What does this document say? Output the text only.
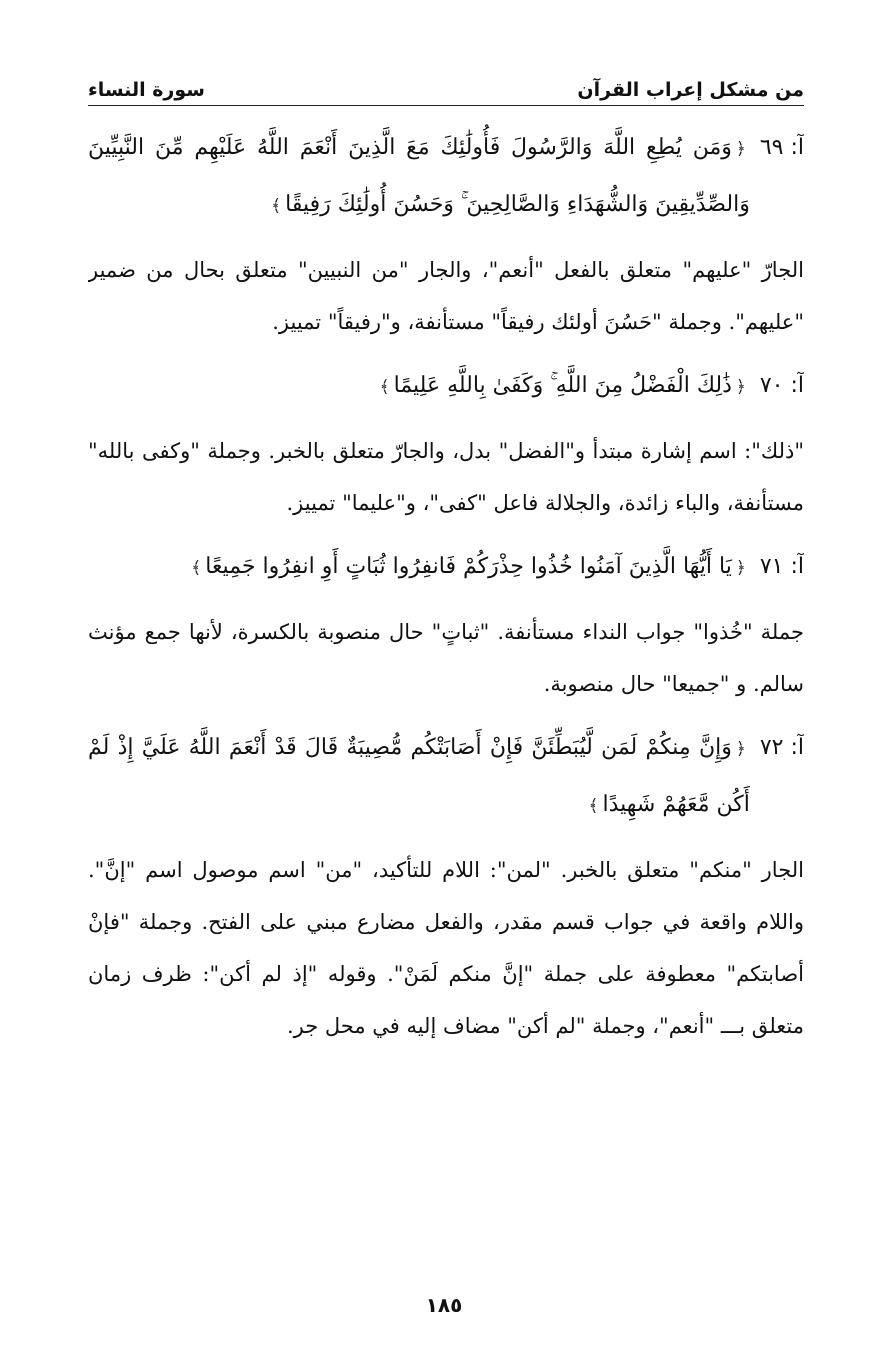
من مشكل إعراب القرآن
سورة النساء
آ: ٦٩
﴿وَمَن يُطِعِ اللَّهَ وَالرَّسُولَ فَأُولَٰئِكَ مَعَ الَّذِينَ أَنْعَمَ اللَّهُ عَلَيْهِم مِّنَ النَّبِيِّينَ وَالصِّدِّيقِينَ وَالشُّهَدَاءِ وَالصَّالِحِينَ ۚ وَحَسُنَ أُولَٰئِكَ رَفِيقًا﴾

الجارّ "عليهم" متعلق بالفعل "أنعم"، والجار "من النبيين" متعلق بحال من ضمير "عليهم". وجملة "حَسُنَ أولئك رفيقاً" مستأنفة، و"رفيقاً" تمييز.

آ: ٧٠
﴿ذَٰلِكَ الْفَضْلُ مِنَ اللَّهِ ۚ وَكَفَىٰ بِاللَّهِ عَلِيمًا﴾

"ذلك": اسم إشارة مبتدأ و"الفضل" بدل، والجارّ متعلق بالخبر. وجملة "وكفى بالله" مستأنفة، والباء زائدة، والجلالة فاعل "كفى"، و"عليما" تمييز.

آ: ٧١
﴿يَا أَيُّهَا الَّذِينَ آمَنُوا خُذُوا حِذْرَكُمْ فَانفِرُوا ثُبَاتٍ أَوِ انفِرُوا جَمِيعًا﴾

جملة "خُذوا" جواب النداء مستأنفة. "ثباتٍ" حال منصوبة بالكسرة، لأنها جمع مؤنث سالم. و "جميعا" حال منصوبة.

آ: ٧٢
﴿وَإِنَّ مِنكُمْ لَمَن لَّيُبَطِّئَنَّ فَإِنْ أَصَابَتْكُم مُّصِيبَةٌ قَالَ قَدْ أَنْعَمَ اللَّهُ عَلَيَّ إِذْ لَمْ أَكُن مَّعَهُمْ شَهِيدًا﴾

الجار "منكم" متعلق بالخبر. "لمن": اللام للتأكيد، "من" اسم موصول اسم "إنَّ". واللام واقعة في جواب قسم مقدر، والفعل مضارع مبني على الفتح. وجملة "فإنْ أصابتكم" معطوفة على جملة "إنَّ منكم لَمَنْ". وقوله "إذ لم أكن": ظرف زمان متعلق بـــ "أنعم"، وجملة "لم أكن" مضاف إليه في محل جر.

١٨٥
